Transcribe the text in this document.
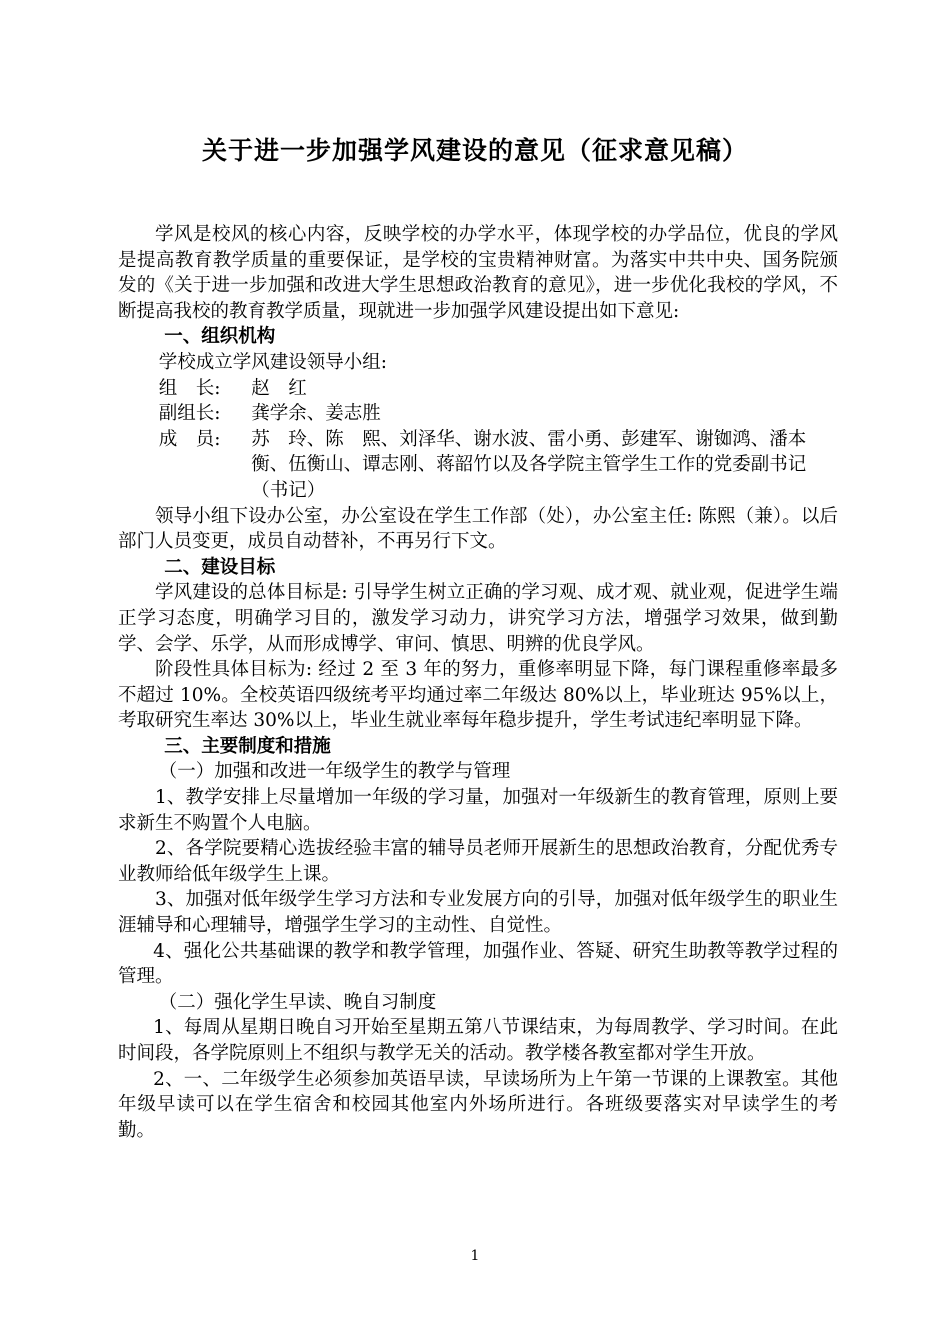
关于进一步加强学风建设的意见（征求意见稿）

学风是校风的核心内容，反映学校的办学水平，体现学校的办学品位，优良的学风是提高教育教学质量的重要保证，是学校的宝贵精神财富。为落实中共中央、国务院颁发的《关于进一步加强和改进大学生思想政治教育的意见》，进一步优化我校的学风，不断提高我校的教育教学质量，现就进一步加强学风建设提出如下意见:

一、组织机构

学校成立学风建设领导小组:

组　长:	赵　红
副组长:	龚学余、姜志胜
成　员:	苏　玲、陈　熙、刘泽华、谢水波、雷小勇、彭建军、谢铷鸿、潘本衡、伍衡山、谭志刚、蒋韶竹以及各学院主管学生工作的党委副书记（书记）

领导小组下设办公室，办公室设在学生工作部（处），办公室主任: 陈熙（兼）。以后部门人员变更，成员自动替补，不再另行下文。

二、建设目标

学风建设的总体目标是: 引导学生树立正确的学习观、成才观、就业观，促进学生端正学习态度，明确学习目的，激发学习动力，讲究学习方法，增强学习效果，做到勤学、会学、乐学，从而形成博学、审问、慎思、明辨的优良学风。

阶段性具体目标为: 经过 2 至 3 年的努力，重修率明显下降，每门课程重修率最多不超过 10%。全校英语四级统考平均通过率二年级达 80%以上，毕业班达 95%以上，考取研究生率达 30%以上，毕业生就业率每年稳步提升，学生考试违纪率明显下降。

三、主要制度和措施

（一）加强和改进一年级学生的教学与管理

1、教学安排上尽量增加一年级的学习量，加强对一年级新生的教育管理，原则上要求新生不购置个人电脑。

2、各学院要精心选拔经验丰富的辅导员老师开展新生的思想政治教育，分配优秀专业教师给低年级学生上课。

3、加强对低年级学生学习方法和专业发展方向的引导，加强对低年级学生的职业生涯辅导和心理辅导，增强学生学习的主动性、自觉性。

4、强化公共基础课的教学和教学管理，加强作业、答疑、研究生助教等教学过程的管理。

（二）强化学生早读、晚自习制度

1、每周从星期日晚自习开始至星期五第八节课结束，为每周教学、学习时间。在此时间段，各学院原则上不组织与教学无关的活动。教学楼各教室都对学生开放。

2、一、二年级学生必须参加英语早读，早读场所为上午第一节课的上课教室。其他年级早读可以在学生宿舍和校园其他室内外场所进行。各班级要落实对早读学生的考勤。

1
